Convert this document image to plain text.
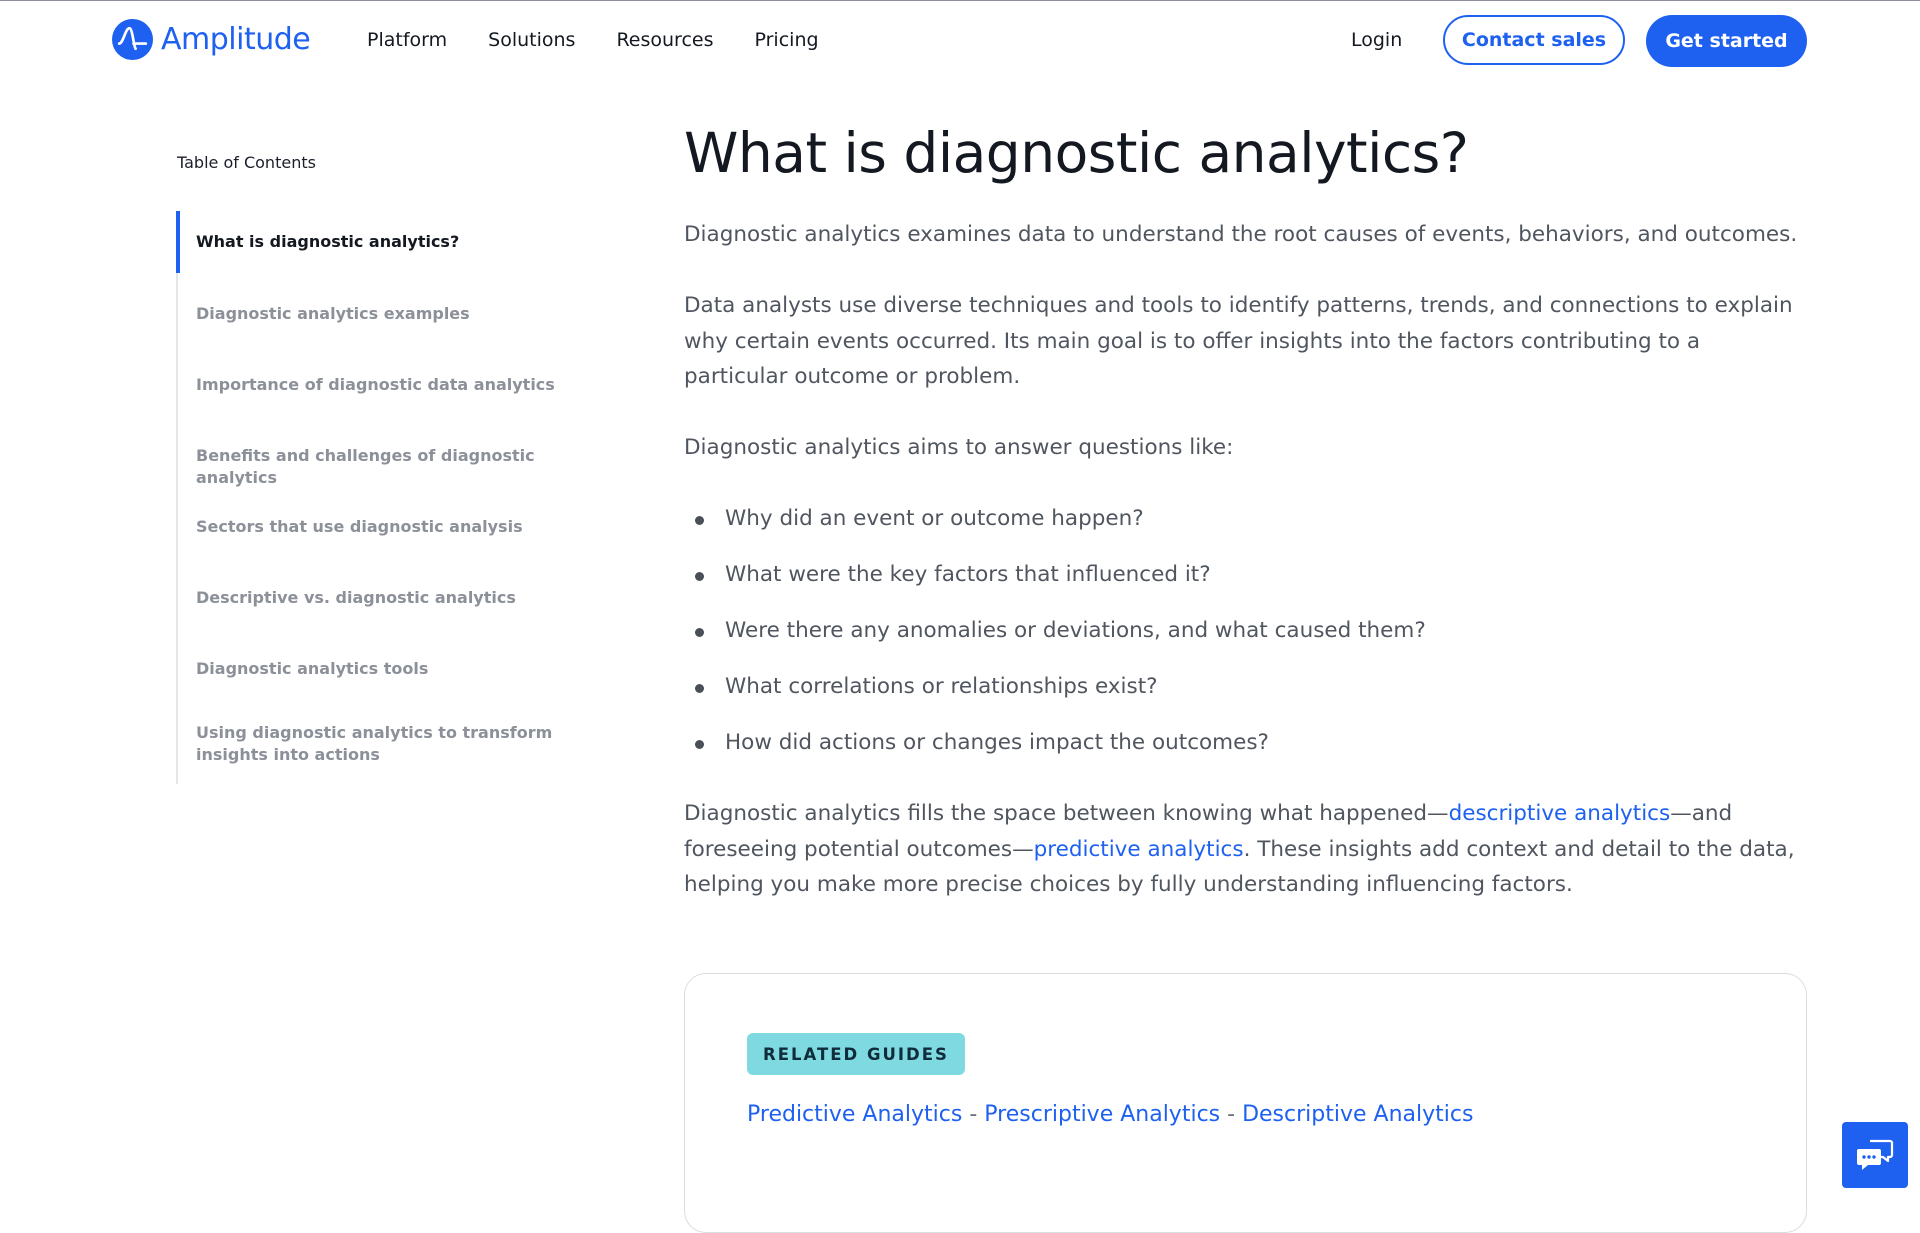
Amplitude	Platform Solutions Resources Pricing	Login	Contact sales	Get started
Table of Contents
What is diagnostic analytics?
Diagnostic analytics examples
Importance of diagnostic data analytics
Benefits and challenges of diagnostic analytics
Sectors that use diagnostic analysis
Descriptive vs. diagnostic analytics
Diagnostic analytics tools
Using diagnostic analytics to transform insights into actions
What is diagnostic analytics?

Diagnostic analytics examines data to understand the root causes of events, behaviors, and outcomes.

Data analysts use diverse techniques and tools to identify patterns, trends, and connections to explain why certain events occurred. Its main goal is to offer insights into the factors contributing to a particular outcome or problem.

Diagnostic analytics aims to answer questions like:

Why did an event or outcome happen?
What were the key factors that influenced it?
Were there any anomalies or deviations, and what caused them?
What correlations or relationships exist?
How did actions or changes impact the outcomes?

Diagnostic analytics fills the space between knowing what happened—descriptive analytics—and foreseeing potential outcomes—predictive analytics. These insights add context and detail to the data, helping you make more precise choices by fully understanding influencing factors.

RELATED GUIDES
Predictive Analytics - Prescriptive Analytics - Descriptive Analytics
